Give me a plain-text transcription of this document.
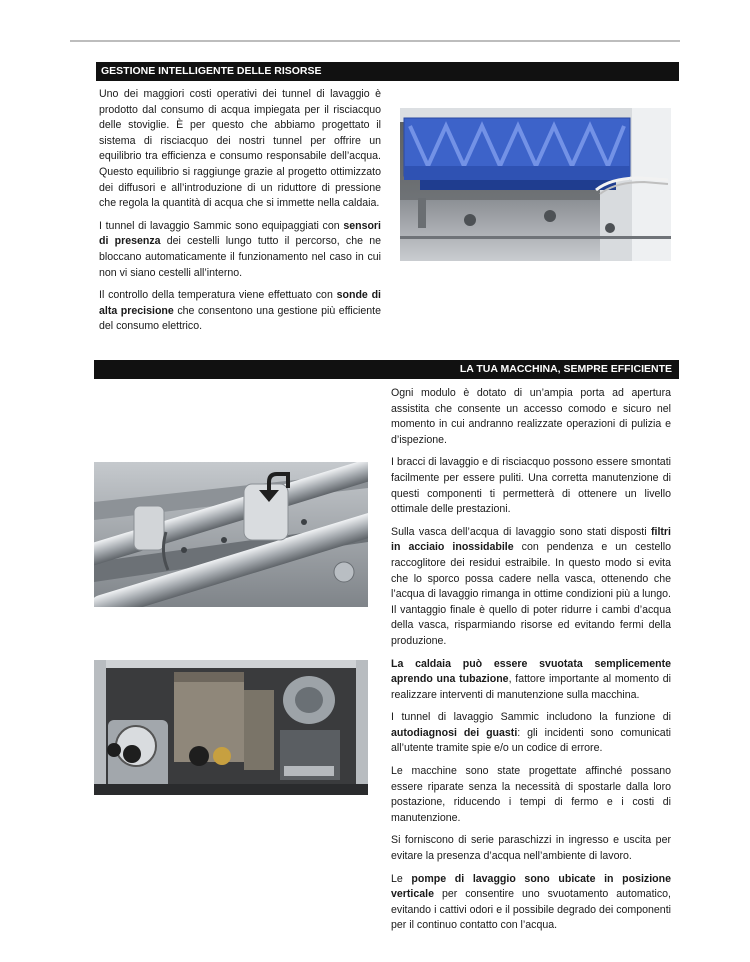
GESTIONE INTELLIGENTE DELLE RISORSE

Uno dei maggiori costi operativi dei tunnel di lavaggio è prodotto dal consumo di acqua impiegata per il risciacquo delle stoviglie. È per questo che abbiamo progettato il sistema di risciacquo dei nostri tunnel per offrire un equilibrio tra efficienza e consumo responsabile dell’acqua. Questo equilibrio si raggiunge grazie al progetto ottimizzato dei diffusori e all’introduzione di un riduttore di pressione che regola la quantità di acqua che si immette nella caldaia.

I tunnel di lavaggio Sammic sono equipaggiati con sensori di presenza dei cestelli lungo tutto il percorso, che ne bloccano automaticamente il funzionamento nel caso in cui non vi siano cestelli all’interno.

Il controllo della temperatura viene effettuato con sonde di alta precisione che consentono una gestione più efficiente del consumo elettrico.

LA TUA MACCHINA, SEMPRE EFFICIENTE

Ogni modulo è dotato di un’ampia porta ad apertura assistita che consente un accesso comodo e sicuro nel momento in cui andranno realizzate operazioni di pulizia e d’ispezione.

I bracci di lavaggio e di risciacquo possono essere smontati facilmente per essere puliti. Una corretta manutenzione di questi componenti ti permetterà di ottenere un livello ottimale delle prestazioni.

Sulla vasca dell’acqua di lavaggio sono stati disposti filtri in acciaio inossidabile con pendenza e un cestello raccoglitore dei residui estraibile. In questo modo si evita che lo sporco possa cadere nella vasca, ottenendo che l’acqua di lavaggio rimanga in ottime condizioni più a lungo. Il vantaggio finale è quello di poter ridurre i cambi d’acqua della vasca, risparmiando risorse ed evitando fermi della produzione.

La caldaia può essere svuotata semplicemente aprendo una tubazione, fattore importante al momento di realizzare interventi di manutenzione sulla macchina.

I tunnel di lavaggio Sammic includono la funzione di autodiagnosi dei guasti: gli incidenti sono comunicati all’utente tramite spie e/o un codice di errore.

Le macchine sono state progettate affinché possano essere riparate senza la necessità di spostarle dalla loro postazione, riducendo i tempi di fermo e i costi di manutenzione.

Si forniscono di serie paraschizzi in ingresso e uscita per evitare la presenza d’acqua nell’ambiente di lavoro.

Le pompe di lavaggio sono ubicate in posizione verticale per consentire uno svuotamento automatico, evitando i cattivi odori e il possibile degrado dei componenti per il continuo contatto con l’acqua.
